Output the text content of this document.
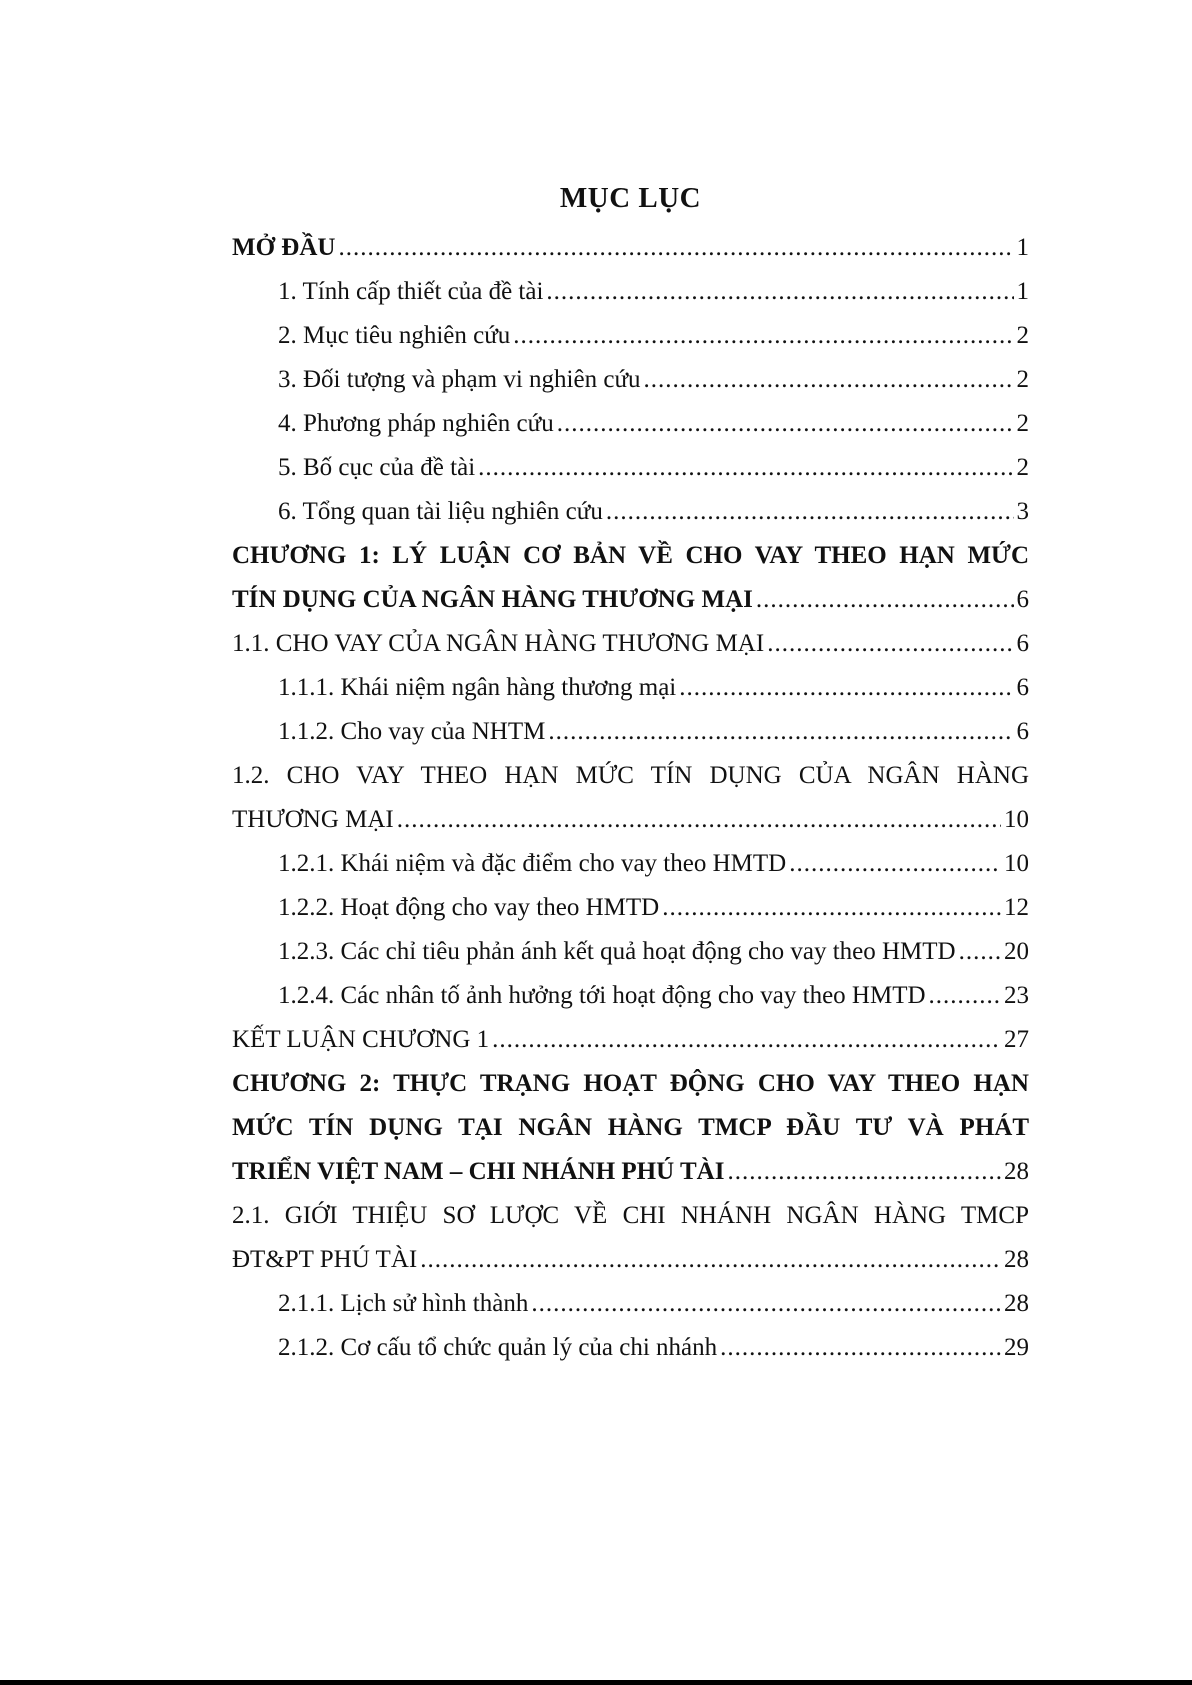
MỤC LỤC
MỞ ĐẦU .....	1
1. Tính cấp thiết của đề tài .....	1
2. Mục tiêu nghiên cứu .....	2
3. Đối tượng và phạm vi nghiên cứu .....	2
4. Phương pháp nghiên cứu .....	2
5. Bố cục của đề tài .....	2
6. Tổng quan tài liệu nghiên cứu .....	3
CHƯƠNG 1: LÝ LUẬN CƠ BẢN VỀ CHO VAY THEO HẠN MỨC
TÍN DỤNG CỦA NGÂN HÀNG THƯƠNG MẠI .....	6
1.1. CHO VAY CỦA NGÂN HÀNG THƯƠNG MẠI .....	6
1.1.1. Khái niệm ngân hàng thương mại .....	6
1.1.2. Cho vay của NHTM .....	6
1.2. CHO VAY THEO HẠN MỨC TÍN DỤNG CỦA NGÂN HÀNG
THƯƠNG MẠI .....	10
1.2.1. Khái niệm và đặc điểm cho vay theo HMTD .....	10
1.2.2. Hoạt động cho vay theo HMTD .....	12
1.2.3. Các chỉ tiêu phản ánh kết quả hoạt động cho vay theo HMTD ..... 20
1.2.4. Các nhân tố ảnh hưởng tới hoạt động cho vay theo HMTD .....	23
KẾT LUẬN CHƯƠNG 1 .....	27
CHƯƠNG 2: THỰC TRẠNG HOẠT ĐỘNG CHO VAY THEO HẠN
MỨC TÍN DỤNG TẠI NGÂN HÀNG TMCP ĐẦU TƯ VÀ PHÁT
TRIỂN VIỆT NAM – CHI NHÁNH PHÚ TÀI .....	28
2.1. GIỚI THIỆU SƠ LƯỢC VỀ CHI NHÁNH NGÂN HÀNG TMCP
ĐT&PT PHÚ TÀI .....	28
2.1.1. Lịch sử hình thành .....	28
2.1.2. Cơ cấu tổ chức quản lý của chi nhánh .....	29
